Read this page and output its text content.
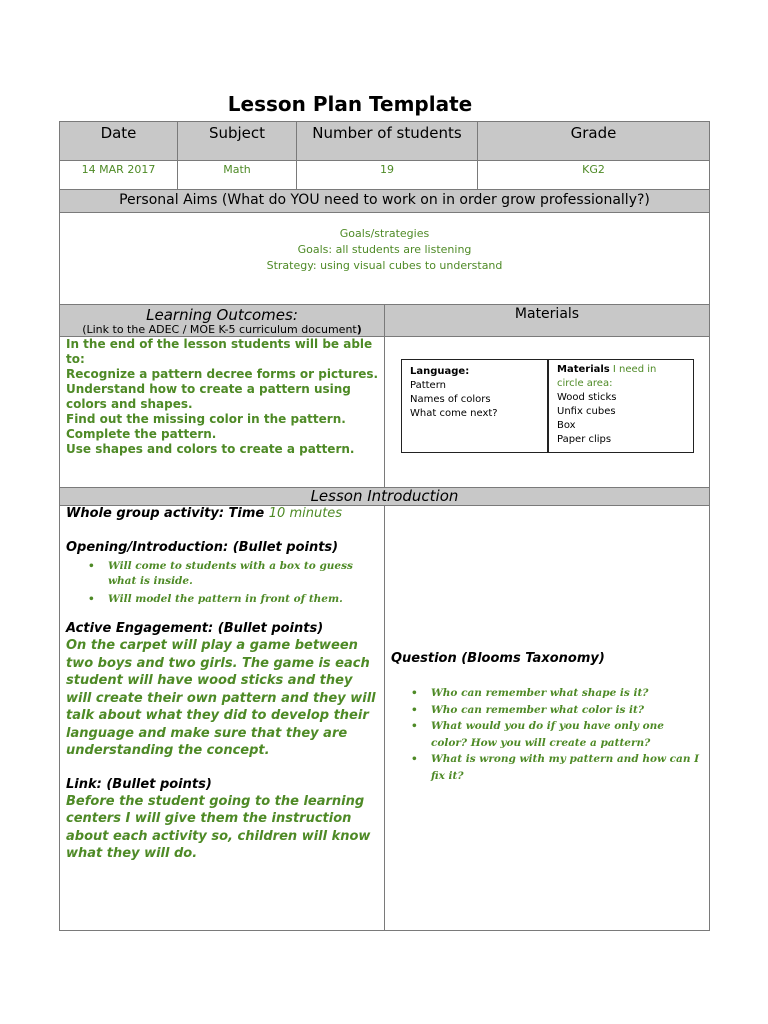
Lesson Plan Template
Date	Subject	Number of students	Grade
14 MAR 2017	Math	19	KG2
Personal Aims (What do YOU need to work on in order grow professionally?)
Goals/strategies
Goals: all students are listening
Strategy: using visual cubes to understand
Learning Outcomes:
(Link to the ADEC / MOE K-5 curriculum document)
Materials
In the end of the lesson students will be able to:
Recognize a pattern decree forms or pictures.
Understand how to create a pattern using colors and shapes.
Find out the missing color in the pattern.
Complete the pattern.
Use shapes and colors to create a pattern.
Language:
Pattern
Names of colors
What come next?
Materials I need in circle area:
Wood sticks
Unfix cubes
Box
Paper clips
Lesson Introduction
Whole group activity: Time 10 minutes
Opening/Introduction: (Bullet points)
• Will come to students with a box to guess what is inside.
• Will model the pattern in front of them.
Active Engagement: (Bullet points)
On the carpet will play a game between two boys and two girls. The game is each student will have wood sticks and they will create their own pattern and they will talk about what they did to develop their language and make sure that they are understanding the concept.
Link: (Bullet points)
Before the student going to the learning centers I will give them the instruction about each activity so, children will know what they will do.
Question (Blooms Taxonomy)
• Who can remember what shape is it?
• Who can remember what color is it?
• What would you do if you have only one color? How you will create a pattern?
• What is wrong with my pattern and how can I fix it?
